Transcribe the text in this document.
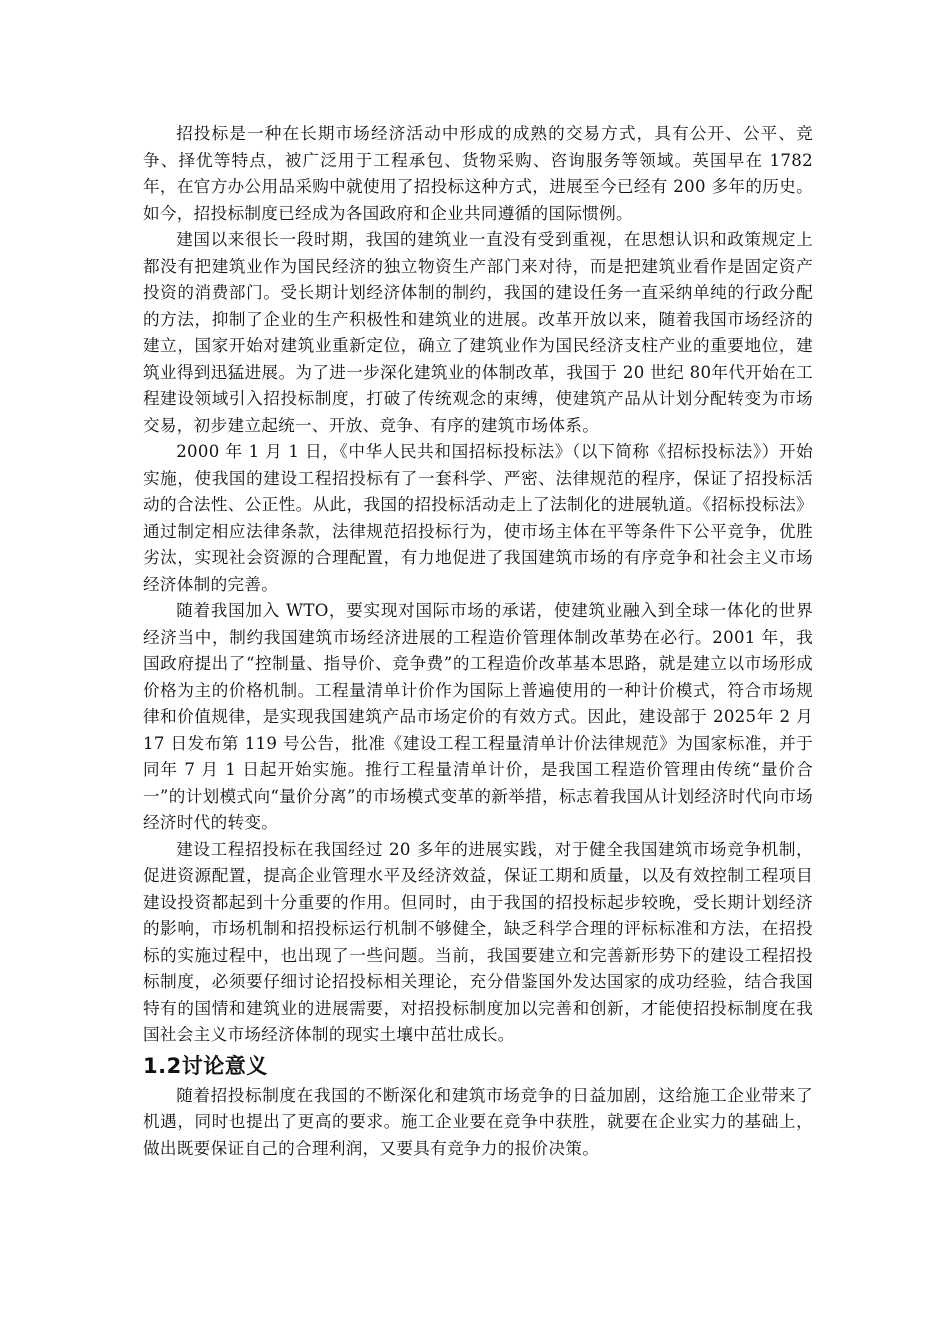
招投标是一种在长期市场经济活动中形成的成熟的交易方式，具有公开、公平、竞争、择优等特点，被广泛用于工程承包、货物采购、咨询服务等领域。英国早在 1782年，在官方办公用品采购中就使用了招投标这种方式，进展至今已经有 200 多年的历史。如今，招投标制度已经成为各国政府和企业共同遵循的国际惯例。

建国以来很长一段时期，我国的建筑业一直没有受到重视，在思想认识和政策规定上都没有把建筑业作为国民经济的独立物资生产部门来对待，而是把建筑业看作是固定资产投资的消费部门。受长期计划经济体制的制约，我国的建设任务一直采纳单纯的行政分配的方法，抑制了企业的生产积极性和建筑业的进展。改革开放以来，随着我国市场经济的建立，国家开始对建筑业重新定位，确立了建筑业作为国民经济支柱产业的重要地位，建筑业得到迅猛进展。为了进一步深化建筑业的体制改革，我国于 20 世纪 80年代开始在工程建设领域引入招投标制度，打破了传统观念的束缚，使建筑产品从计划分配转变为市场交易，初步建立起统一、开放、竞争、有序的建筑市场体系。

2000 年 1 月 1 日，《中华人民共和国招标投标法》（以下简称《招标投标法》）开始实施，使我国的建设工程招投标有了一套科学、严密、法律规范的程序，保证了招投标活动的合法性、公正性。从此，我国的招投标活动走上了法制化的进展轨道。《招标投标法》通过制定相应法律条款，法律规范招投标行为，使市场主体在平等条件下公平竞争，优胜劣汰，实现社会资源的合理配置，有力地促进了我国建筑市场的有序竞争和社会主义市场经济体制的完善。

随着我国加入 WTO，要实现对国际市场的承诺，使建筑业融入到全球一体化的世界经济当中，制约我国建筑市场经济进展的工程造价管理体制改革势在必行。2001 年，我国政府提出了“控制量、指导价、竞争费”的工程造价改革基本思路，就是建立以市场形成价格为主的价格机制。工程量清单计价作为国际上普遍使用的一种计价模式，符合市场规律和价值规律，是实现我国建筑产品市场定价的有效方式。因此，建设部于 2025年 2 月 17 日发布第 119 号公告，批准《建设工程工程量清单计价法律规范》为国家标准，并于同年 7 月 1 日起开始实施。推行工程量清单计价，是我国工程造价管理由传统“量价合一”的计划模式向“量价分离”的市场模式变革的新举措，标志着我国从计划经济时代向市场经济时代的转变。

建设工程招投标在我国经过 20 多年的进展实践，对于健全我国建筑市场竞争机制，促进资源配置，提高企业管理水平及经济效益，保证工期和质量，以及有效控制工程项目建设投资都起到十分重要的作用。但同时，由于我国的招投标起步较晚，受长期计划经济的影响，市场机制和招投标运行机制不够健全，缺乏科学合理的评标标准和方法，在招投标的实施过程中，也出现了一些问题。当前，我国要建立和完善新形势下的建设工程招投标制度，必须要仔细讨论招投标相关理论，充分借鉴国外发达国家的成功经验，结合我国特有的国情和建筑业的进展需要，对招投标制度加以完善和创新，才能使招投标制度在我国社会主义市场经济体制的现实土壤中茁壮成长。

1.2讨论意义

随着招投标制度在我国的不断深化和建筑市场竞争的日益加剧，这给施工企业带来了机遇，同时也提出了更高的要求。施工企业要在竞争中获胜，就要在企业实力的基础上，做出既要保证自己的合理利润，又要具有竞争力的报价决策。
